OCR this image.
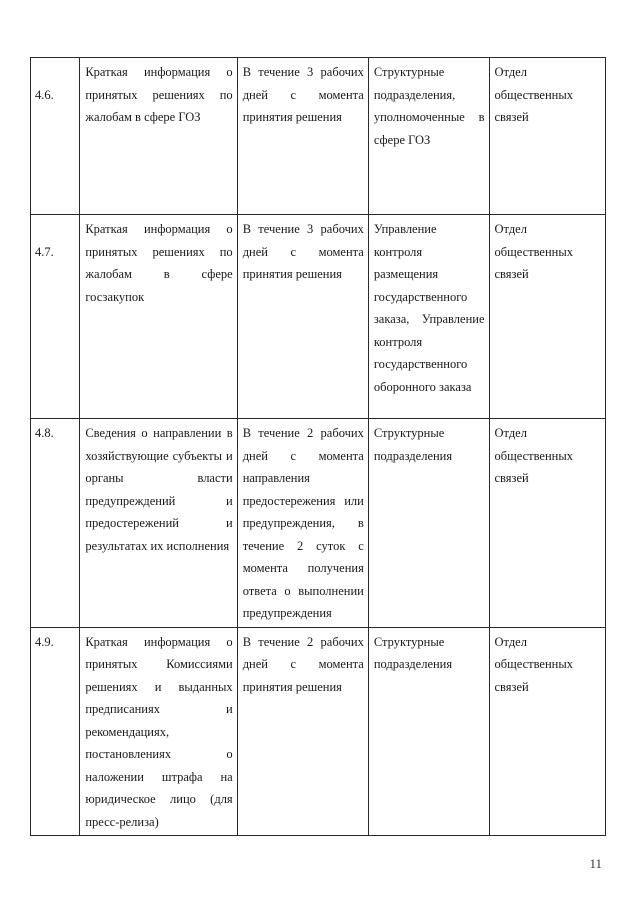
4.6.	Краткая информация о принятых решениях по жалобам в сфере ГОЗ	В течение 3 рабочих дней с момента принятия решения	Структурные подразделения, уполномоченные в сфере ГОЗ	Отдел общественных связей
4.7.	Краткая информация о принятых решениях по жалобам в сфере госзакупок	В течение 3 рабочих дней с момента принятия решения	Управление контроля размещения государственного заказа, Управление контроля государственного оборонного заказа	Отдел общественных связей
4.8.	Сведения о направлении в хозяйствующие субъекты и органы власти предупреждений и предостережений и результатах их исполнения	В течение 2 рабочих дней с момента направления предостережения или предупреждения, в течение 2 суток с момента получения ответа о выполнении предупреждения	Структурные подразделения	Отдел общественных связей
4.9.	Краткая информация о принятых Комиссиями решениях и выданных предписаниях и рекомендациях, постановлениях о наложении штрафа на юридическое лицо (для пресс-релиза)	В течение 2 рабочих дней с момента принятия решения	Структурные подразделения	Отдел общественных связей
11
